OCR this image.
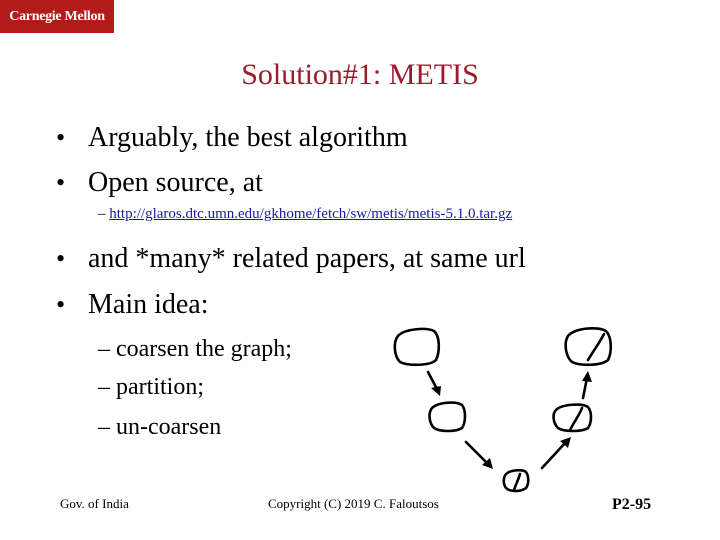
Carnegie Mellon
Solution#1: METIS
• Arguably, the best algorithm
• Open source, at
– http://glaros.dtc.umn.edu/gkhome/fetch/sw/metis/metis-5.1.0.tar.gz
• and *many* related papers, at same url
• Main idea:
– coarsen the graph;
– partition;
– un-coarsen
Gov. of India	Copyright (C) 2019 C. Faloutsos	P2-95
